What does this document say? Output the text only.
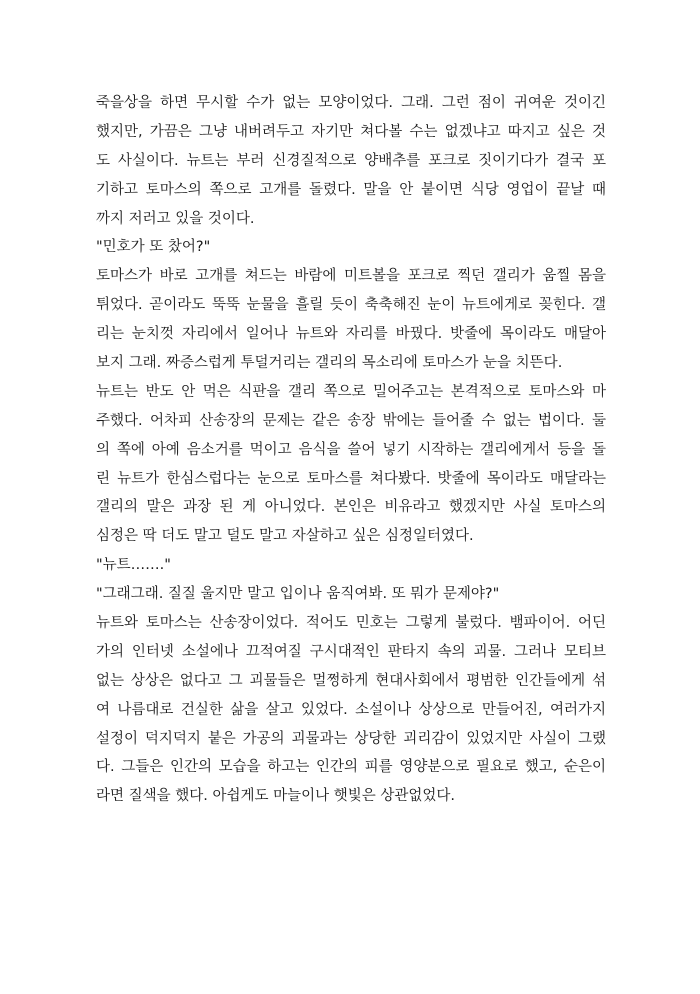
죽을상을 하면 무시할 수가 없는 모양이었다. 그래. 그런 점이 귀여운 것이긴
했지만, 가끔은 그냥 내버려두고 자기만 쳐다볼 수는 없겠냐고 따지고 싶은 것
도 사실이다. 뉴트는 부러 신경질적으로 양배추를 포크로 짓이기다가 결국 포
기하고 토마스의 쪽으로 고개를 돌렸다. 말을 안 붙이면 식당 영업이 끝날 때
까지 저러고 있을 것이다.
"민호가 또 찼어?"
토마스가 바로 고개를 쳐드는 바람에 미트볼을 포크로 찍던 갤리가 움찔 몸을
튀었다. 곧이라도 뚝뚝 눈물을 흘릴 듯이 축축해진 눈이 뉴트에게로 꽂힌다. 갤
리는 눈치껏 자리에서 일어나 뉴트와 자리를 바꿨다. 밧줄에 목이라도 매달아
보지 그래. 짜증스럽게 투덜거리는 갤리의 목소리에 토마스가 눈을 치뜬다.
뉴트는 반도 안 먹은 식판을 갤리 쪽으로 밀어주고는 본격적으로 토마스와 마
주했다. 어차피 산송장의 문제는 같은 송장 밖에는 들어줄 수 없는 법이다. 둘
의 쪽에 아예 음소거를 먹이고 음식을 쓸어 넣기 시작하는 갤리에게서 등을 돌
린 뉴트가 한심스럽다는 눈으로 토마스를 쳐다봤다. 밧줄에 목이라도 매달라는
갤리의 말은 과장 된 게 아니었다. 본인은 비유라고 했겠지만 사실 토마스의
심정은 딱 더도 말고 덜도 말고 자살하고 싶은 심정일터였다.
"뉴트……."
"그래그래. 질질 울지만 말고 입이나 움직여봐. 또 뭐가 문제야?"
뉴트와 토마스는 산송장이었다. 적어도 민호는 그렇게 불렀다. 뱀파이어. 어딘
가의 인터넷 소설에나 끄적여질 구시대적인 판타지 속의 괴물. 그러나 모티브
없는 상상은 없다고 그 괴물들은 멀쩡하게 현대사회에서 평범한 인간들에게 섞
여 나름대로 건실한 삶을 살고 있었다. 소설이나 상상으로 만들어진, 여러가지
설정이 덕지덕지 붙은 가공의 괴물과는 상당한 괴리감이 있었지만 사실이 그랬
다. 그들은 인간의 모습을 하고는 인간의 피를 영양분으로 필요로 했고, 순은이
라면 질색을 했다. 아쉽게도 마늘이나 햇빛은 상관없었다.
